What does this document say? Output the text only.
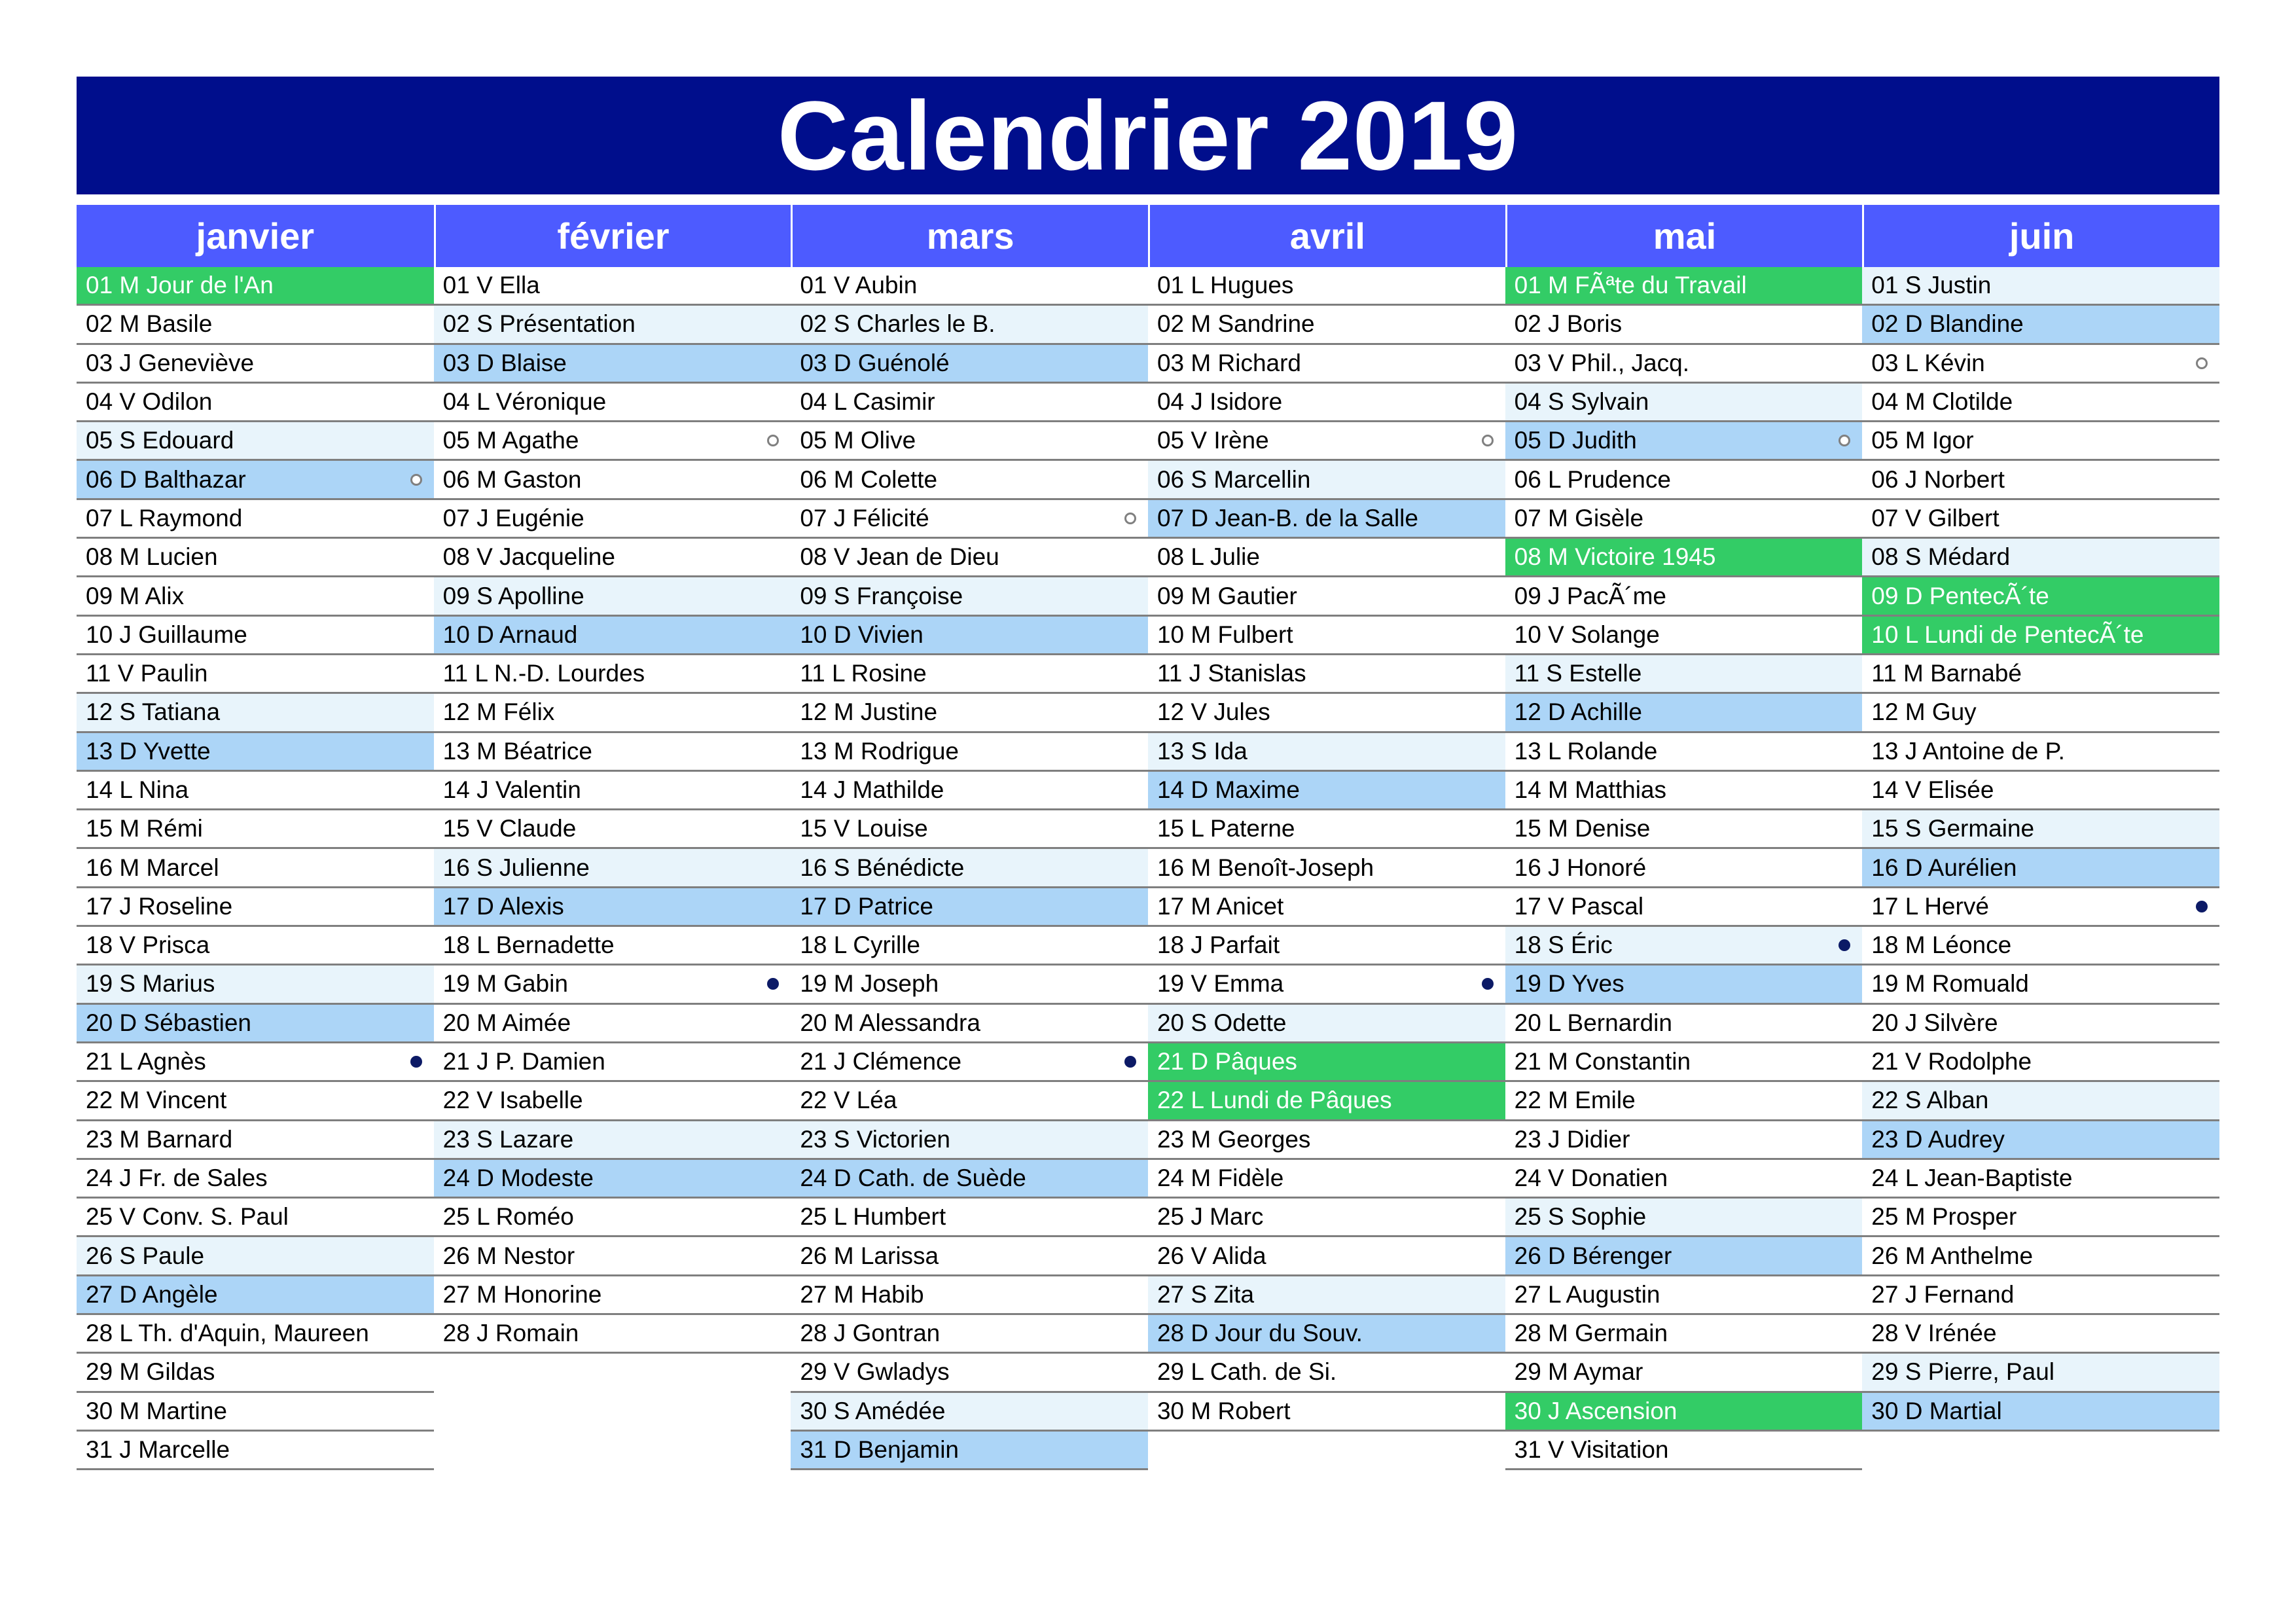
Calendrier 2019
janvier
01 M Jour de l'An
02 M Basile
03 J Geneviève
04 V Odilon
05 S Edouard
06 D Balthazar
07 L Raymond
08 M Lucien
09 M Alix
10 J Guillaume
11 V Paulin
12 S Tatiana
13 D Yvette
14 L Nina
15 M Rémi
16 M Marcel
17 J Roseline
18 V Prisca
19 S Marius
20 D Sébastien
21 L Agnès
22 M Vincent
23 M Barnard
24 J Fr. de Sales
25 V Conv. S. Paul
26 S Paule
27 D Angèle
28 L Th. d'Aquin, Maureen
29 M Gildas
30 M Martine
31 J Marcelle
février
01 V Ella
02 S Présentation
03 D Blaise
04 L Véronique
05 M Agathe
06 M Gaston
07 J Eugénie
08 V Jacqueline
09 S Apolline
10 D Arnaud
11 L N.-D. Lourdes
12 M Félix
13 M Béatrice
14 J Valentin
15 V Claude
16 S Julienne
17 D Alexis
18 L Bernadette
19 M Gabin
20 M Aimée
21 J P. Damien
22 V Isabelle
23 S Lazare
24 D Modeste
25 L Roméo
26 M Nestor
27 M Honorine
28 J Romain
mars
01 V Aubin
02 S Charles le B.
03 D Guénolé
04 L Casimir
05 M Olive
06 M Colette
07 J Félicité
08 V Jean de Dieu
09 S Françoise
10 D Vivien
11 L Rosine
12 M Justine
13 M Rodrigue
14 J Mathilde
15 V Louise
16 S Bénédicte
17 D Patrice
18 L Cyrille
19 M Joseph
20 M Alessandra
21 J Clémence
22 V Léa
23 S Victorien
24 D Cath. de Suède
25 L Humbert
26 M Larissa
27 M Habib
28 J Gontran
29 V Gwladys
30 S Amédée
31 D Benjamin
avril
01 L Hugues
02 M Sandrine
03 M Richard
04 J Isidore
05 V Irène
06 S Marcellin
07 D Jean-B. de la Salle
08 L Julie
09 M Gautier
10 M Fulbert
11 J Stanislas
12 V Jules
13 S Ida
14 D Maxime
15 L Paterne
16 M Benoît-Joseph
17 M Anicet
18 J Parfait
19 V Emma
20 S Odette
21 D Pâques
22 L Lundi de Pâques
23 M Georges
24 M Fidèle
25 J Marc
26 V Alida
27 S Zita
28 D Jour du Souv.
29 L Cath. de Si.
30 M Robert
mai
01 M FÃªte du Travail
02 J Boris
03 V Phil., Jacq.
04 S Sylvain
05 D Judith
06 L Prudence
07 M Gisèle
08 M Victoire 1945
09 J PacÃ´me
10 V Solange
11 S Estelle
12 D Achille
13 L Rolande
14 M Matthias
15 M Denise
16 J Honoré
17 V Pascal
18 S Éric
19 D Yves
20 L Bernardin
21 M Constantin
22 M Emile
23 J Didier
24 V Donatien
25 S Sophie
26 D Bérenger
27 L Augustin
28 M Germain
29 M Aymar
30 J Ascension
31 V Visitation
juin
01 S Justin
02 D Blandine
03 L Kévin
04 M Clotilde
05 M Igor
06 J Norbert
07 V Gilbert
08 S Médard
09 D PentecÃ´te
10 L Lundi de PentecÃ´te
11 M Barnabé
12 M Guy
13 J Antoine de P.
14 V Elisée
15 S Germaine
16 D Aurélien
17 L Hervé
18 M Léonce
19 M Romuald
20 J Silvère
21 V Rodolphe
22 S Alban
23 D Audrey
24 L Jean-Baptiste
25 M Prosper
26 M Anthelme
27 J Fernand
28 V Irénée
29 S Pierre, Paul
30 D Martial
